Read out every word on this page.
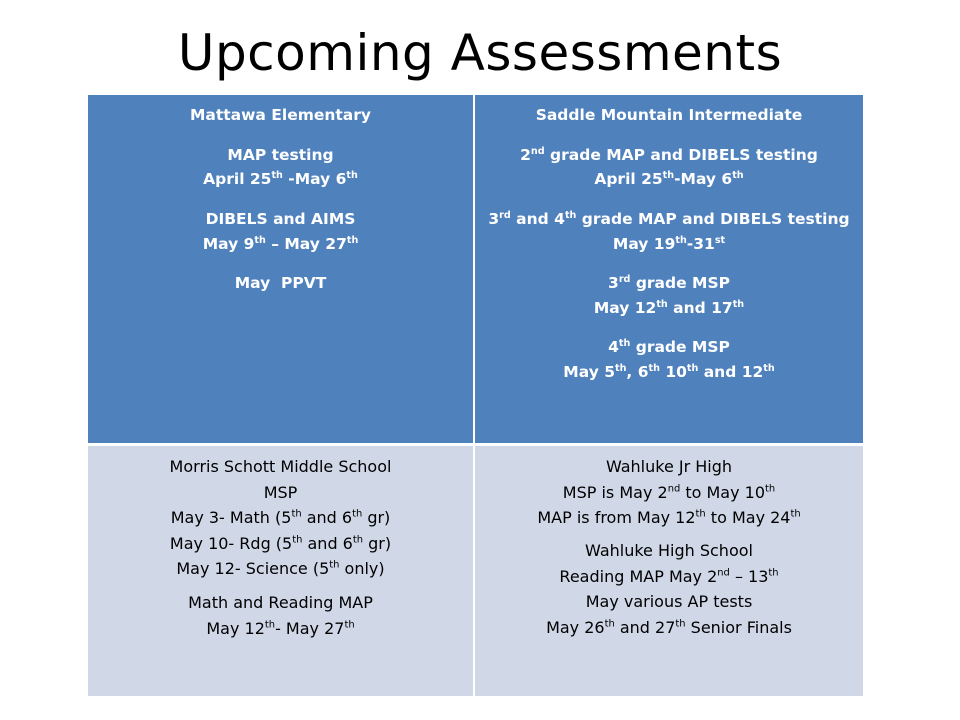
Upcoming Assessments
Mattawa Elementary
MAP testing
April 25th -May 6th
DIBELS and AIMS
May 9th – May 27th
May  PPVT
Saddle Mountain Intermediate
2nd grade MAP and DIBELS testing
April 25th-May 6th
3rd and 4th grade MAP and DIBELS testing
May 19th-31st
3rd grade MSP
May 12th and 17th
4th grade MSP
May 5th, 6th 10th and 12th
Morris Schott Middle School
MSP
May 3- Math (5th and 6th gr)
May 10- Rdg (5th and 6th gr)
May 12- Science (5th only)
Math and Reading MAP
May 12th- May 27th
Wahluke Jr High
MSP is May 2nd to May 10th
MAP is from May 12th to May 24th
Wahluke High School
Reading MAP May 2nd – 13th
May various AP tests
May 26th and 27th Senior Finals
